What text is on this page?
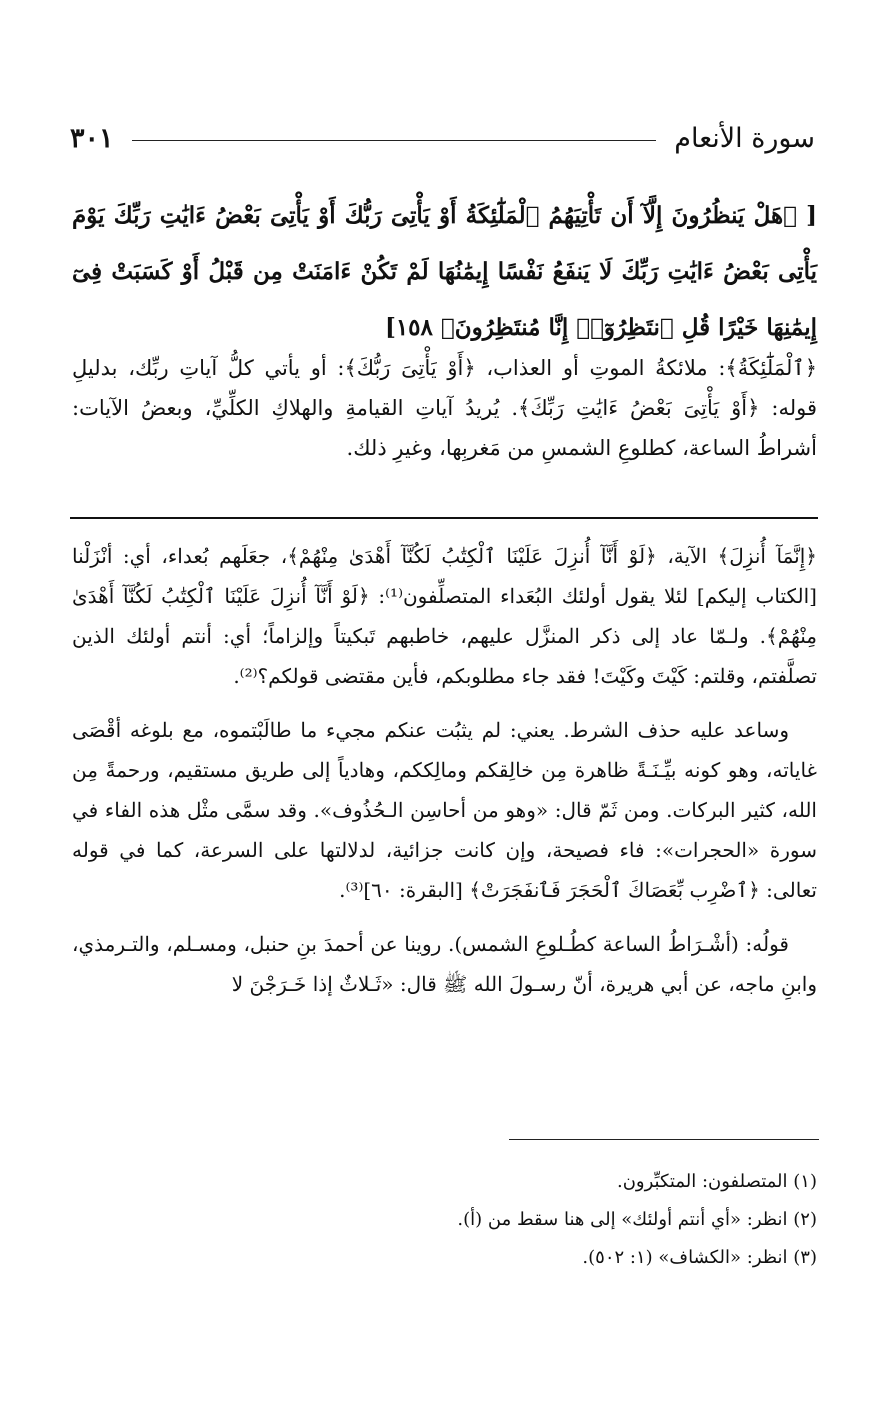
سورة الأنعام
٣٠١
[ ﴿هَلْ يَنظُرُونَ إِلَّآ أَن تَأْتِيَهُمُ ٱلْمَلَٰٓئِكَةُ أَوْ يَأْتِىَ رَبُّكَ أَوْ يَأْتِىَ بَعْضُ ءَايَٰتِ رَبِّكَ يَوْمَ يَأْتِى بَعْضُ ءَايَٰتِ رَبِّكَ لَا يَنفَعُ نَفْسًا إِيمَٰنُهَا لَمْ تَكُنْ ءَامَنَتْ مِن قَبْلُ أَوْ كَسَبَتْ فِىٓ إِيمَٰنِهَا خَيْرًا قُلِ ٱنتَظِرُوٓا۟ إِنَّا مُنتَظِرُونَ﴾ ١٥٨]
﴿ٱلْمَلَٰٓئِكَةُ﴾: ملائكةُ الموتِ أو العذاب، ﴿أَوْ يَأْتِىَ رَبُّكَ﴾: أو يأتي كلُّ آياتِ ربِّك، بدليلِ قوله: ﴿أَوْ يَأْتِىَ بَعْضُ ءَايَٰتِ رَبِّكَ﴾. يُريدُ آياتِ القيامةِ والهلاكِ الكلِّيِّ، وبعضُ الآيات: أشراطُ الساعة، كطلوعِ الشمسِ من مَغربِها، وغيرِ ذلك.

﴿إِنَّمَآ أُنزِلَ﴾ الآية، ﴿لَوْ أَنَّآ أُنزِلَ عَلَيْنَا ٱلْكِتَٰبُ لَكُنَّآ أَهْدَىٰ مِنْهُمْ﴾، جعَلَهم بُعداء، أي: أنْزَلْنا [الكتاب إليكم] لئلا يقول أولئك البُعَداء المتصلِّفون⁽¹⁾: ﴿لَوْ أَنَّآ أُنزِلَ عَلَيْنَا ٱلْكِتَٰبُ لَكُنَّآ أَهْدَىٰ مِنْهُمْ﴾. ولـمّا عاد إلى ذكر المنزَّل عليهم، خاطبهم تَبكيتاً وإلزاماً؛ أي: أنتم أولئك الذين تصلَّفتم، وقلتم: كَيْتَ وكَيْتَ! فقد جاء مطلوبكم، فأين مقتضى قولكم؟⁽²⁾.

وساعد عليه حذف الشرط. يعني: لم يثبُت عنكم مجيء ما طالَبْتموه، مع بلوغه أقْصَى غاياته، وهو كونه بيِّـنَـةً ظاهرة مِن خالِقكم ومالِككم، وهادياً إلى طريق مستقيم، ورحمةً مِن الله، كثير البركات. ومن ثَمّ قال: «وهو من أحاسِن الـحُذُوف». وقد سمَّى مثْل هذه الفاء في سورة «الحجرات»: فاء فصيحة، وإن كانت جزائية، لدلالتها على السرعة، كما في قوله تعالى: ﴿ٱضْرِب بِّعَصَاكَ ٱلْحَجَرَ فَٱنفَجَرَتْ﴾ [البقرة: ٦٠]⁽³⁾.

قولُه: (أشْـرَاطُ الساعة كطُـلوعِ الشمس). روينا عن أحمدَ بنِ حنبل، ومسـلم، والتـرمذي، وابنِ ماجه، عن أبي هريرة، أنّ رسـولَ الله ﷺ قال: «ثَـلاثٌ إذا خَـرَجْنَ لا

(١) المتصلفون: المتكبِّرون.
(٢) انظر: «أي أنتم أولئك» إلى هنا سقط من (أ).
(٣) انظر: «الكشاف» (١: ٥٠٢).
